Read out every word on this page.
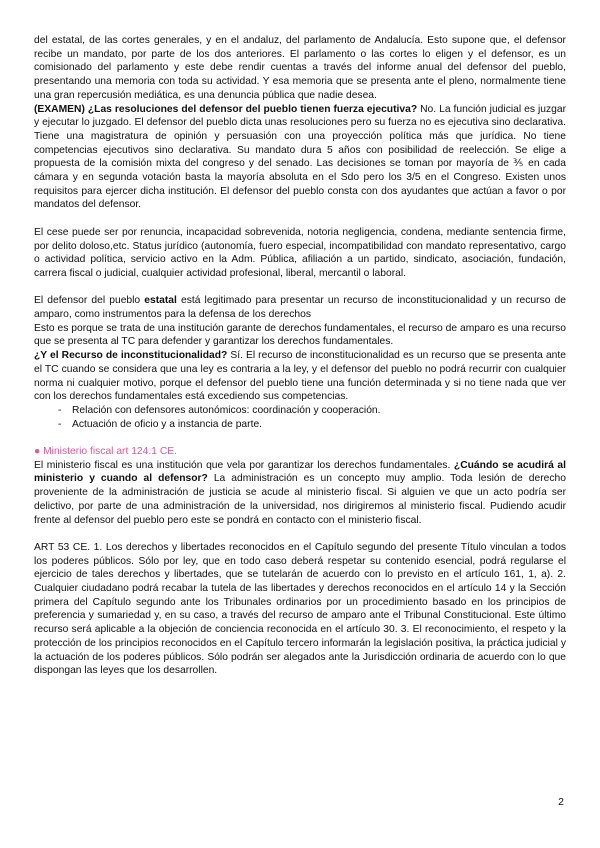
del estatal, de las cortes generales, y en el andaluz, del parlamento de Andalucía. Esto supone que, el defensor recibe un mandato, por parte de los dos anteriores. El parlamento o las cortes lo eligen y el defensor, es un comisionado del parlamento y este debe rendir cuentas a través del informe anual del defensor del pueblo, presentando una memoria con toda su actividad. Y esa memoria que se presenta ante el pleno, normalmente tiene una gran repercusión mediática, es una denuncia pública que nadie desea.

(EXAMEN) ¿Las resoluciones del defensor del pueblo tienen fuerza ejecutiva? No. La función judicial es juzgar y ejecutar lo juzgado. El defensor del pueblo dicta unas resoluciones pero su fuerza no es ejecutiva sino declarativa. Tiene una magistratura de opinión y persuasión con una proyección política más que jurídica. No tiene competencias ejecutivos sino declarativa. Su mandato dura 5 años con posibilidad de reelección. Se elige a propuesta de la comisión mixta del congreso y del senado. Las decisiones se toman por mayoría de ⅗ en cada cámara y en segunda votación basta la mayoría absoluta en el Sdo pero los 3/5 en el Congreso. Existen unos requisitos para ejercer dicha institución. El defensor del pueblo consta con dos ayudantes que actúan a favor o por mandatos del defensor.

El cese puede ser por renuncia, incapacidad sobrevenida, notoria negligencia, condena, mediante sentencia firme, por delito doloso,etc. Status jurídico (autonomía, fuero especial, incompatibilidad con mandato representativo, cargo o actividad política, servicio activo en la Adm. Pública, afiliación a un partido, sindicato, asociación, fundación, carrera fiscal o judicial, cualquier actividad profesional, liberal, mercantil o laboral.

El defensor del pueblo estatal está legitimado para presentar un recurso de inconstitucionalidad y un recurso de amparo, como instrumentos para la defensa de los derechos

Esto es porque se trata de una institución garante de derechos fundamentales, el recurso de amparo es una recurso que se presenta al TC para defender y garantizar los derechos fundamentales.

¿Y el Recurso de inconstitucionalidad? Sí. El recurso de inconstitucionalidad es un recurso que se presenta ante el TC cuando se considera que una ley es contraria a la ley, y el defensor del pueblo no podrá recurrir con cualquier norma ni cualquier motivo, porque el defensor del pueblo tiene una función determinada y si no tiene nada que ver con los derechos fundamentales está excediendo sus competencias.

- Relación con defensores autonómicos: coordinación y cooperación.
- Actuación de oficio y a instancia de parte.

● Ministerio fiscal art 124.1 CE.

El ministerio fiscal es una institución que vela por garantizar los derechos fundamentales. ¿Cuándo se acudirá al ministerio y cuando al defensor? La administración es un concepto muy amplio. Toda lesión de derecho proveniente de la administración de justicia se acude al ministerio fiscal. Si alguien ve que un acto podría ser delictivo, por parte de una administración de la universidad, nos dirigiremos al ministerio fiscal. Pudiendo acudir frente al defensor del pueblo pero este se pondrá en contacto con el ministerio fiscal.

ART 53 CE. 1. Los derechos y libertades reconocidos en el Capítulo segundo del presente Título vinculan a todos los poderes públicos. Sólo por ley, que en todo caso deberá respetar su contenido esencial, podrá regularse el ejercicio de tales derechos y libertades, que se tutelarán de acuerdo con lo previsto en el artículo 161, 1, a). 2. Cualquier ciudadano podrá recabar la tutela de las libertades y derechos reconocidos en el artículo 14 y la Sección primera del Capítulo segundo ante los Tribunales ordinarios por un procedimiento basado en los principios de preferencia y sumariedad y, en su caso, a través del recurso de amparo ante el Tribunal Constitucional. Este último recurso será aplicable a la objeción de conciencia reconocida en el artículo 30. 3. El reconocimiento, el respeto y la protección de los principios reconocidos en el Capítulo tercero informarán la legislación positiva, la práctica judicial y la actuación de los poderes públicos. Sólo podrán ser alegados ante la Jurisdicción ordinaria de acuerdo con lo que dispongan las leyes que los desarrollen.

2
